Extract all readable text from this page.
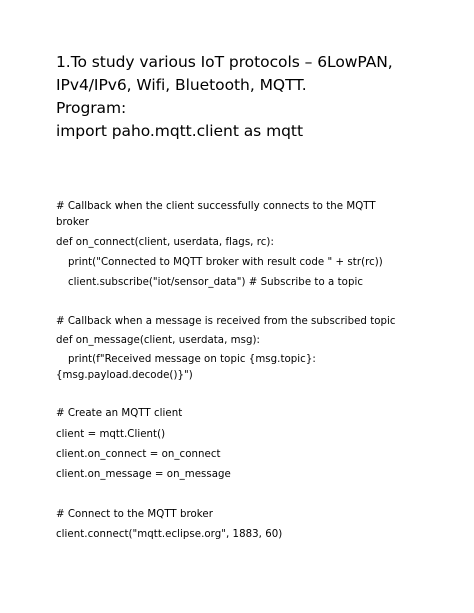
1.To study various IoT protocols – 6LowPAN,
IPv4/IPv6, Wifi, Bluetooth, MQTT.
Program:
import paho.mqtt.client as mqtt
# Callback when the client successfully connects to the MQTT
broker
def on_connect(client, userdata, flags, rc):
print("Connected to MQTT broker with result code " + str(rc))
client.subscribe("iot/sensor_data") # Subscribe to a topic
# Callback when a message is received from the subscribed topic
def on_message(client, userdata, msg):
print(f"Received message on topic {msg.topic}:
{msg.payload.decode()}")
# Create an MQTT client
client = mqtt.Client()
client.on_connect = on_connect
client.on_message = on_message
# Connect to the MQTT broker
client.connect("mqtt.eclipse.org", 1883, 60)
